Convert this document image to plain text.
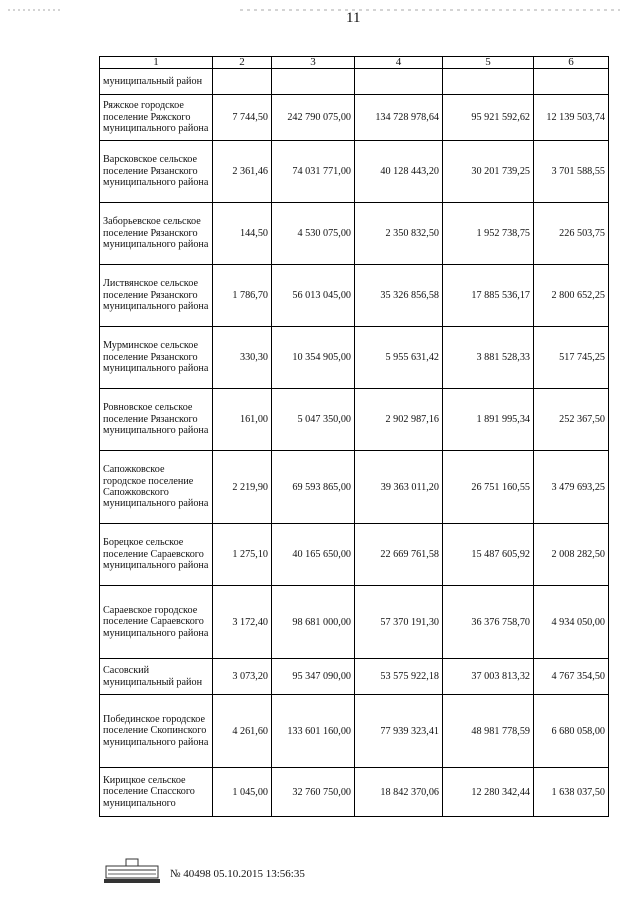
11
1	2	3	4	5	6
муниципальный район					
Ряжское городское поселение Ряжского муниципального района	7 744,50	242 790 075,00	134 728 978,64	95 921 592,62	12 139 503,74
Варсковское сельское поселение Рязанского муниципального района	2 361,46	74 031 771,00	40 128 443,20	30 201 739,25	3 701 588,55
Заборьевское сельское поселение Рязанского муниципального района	144,50	4 530 075,00	2 350 832,50	1 952 738,75	226 503,75
Листвянское сельское поселение Рязанского муниципального района	1 786,70	56 013 045,00	35 326 856,58	17 885 536,17	2 800 652,25
Мурминское сельское поселение Рязанского муниципального района	330,30	10 354 905,00	5 955 631,42	3 881 528,33	517 745,25
Ровновское сельское поселение Рязанского муниципального района	161,00	5 047 350,00	2 902 987,16	1 891 995,34	252 367,50
Сапожковское городское поселение Сапожковского муниципального района	2 219,90	69 593 865,00	39 363 011,20	26 751 160,55	3 479 693,25
Борецкое сельское поселение Сараевского муниципального района	1 275,10	40 165 650,00	22 669 761,58	15 487 605,92	2 008 282,50
Сараевское городское поселение Сараевского муниципального района	3 172,40	98 681 000,00	57 370 191,30	36 376 758,70	4 934 050,00
Сасовский муниципальный район	3 073,20	95 347 090,00	53 575 922,18	37 003 813,32	4 767 354,50
Побединское городское поселение Скопинского муниципального района	4 261,60	133 601 160,00	77 939 323,41	48 981 778,59	6 680 058,00
Кирицкое сельское поселение Спасского муниципального	1 045,00	32 760 750,00	18 842 370,06	12 280 342,44	1 638 037,50
№ 40498 05.10.2015 13:56:35
